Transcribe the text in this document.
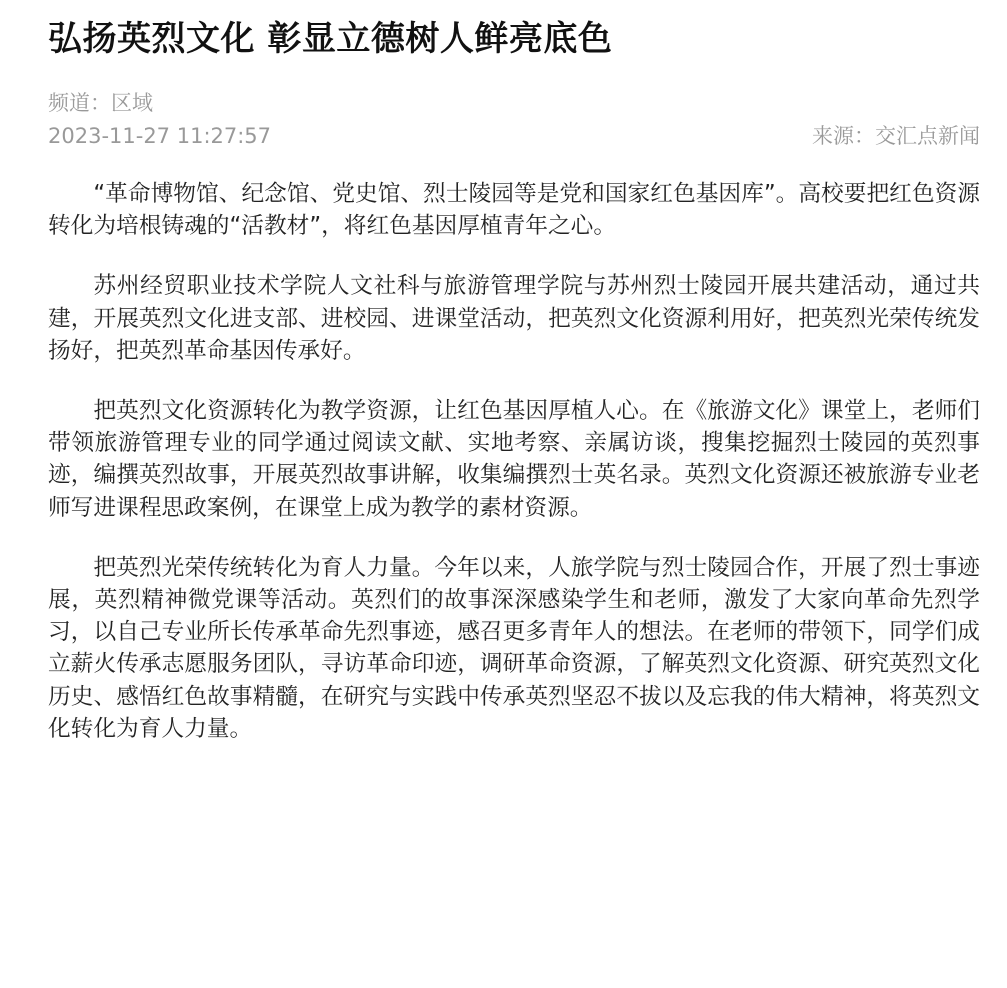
弘扬英烈文化 彰显立德树人鲜亮底色
频道：区域
2023-11-27 11:27:57	来源：交汇点新闻

“革命博物馆、纪念馆、党史馆、烈士陵园等是党和国家红色基因库”。高校要把红色资源转化为培根铸魂的“活教材”，将红色基因厚植青年之心。

苏州经贸职业技术学院人文社科与旅游管理学院与苏州烈士陵园开展共建活动，通过共建，开展英烈文化进支部、进校园、进课堂活动，把英烈文化资源利用好，把英烈光荣传统发扬好，把英烈革命基因传承好。

把英烈文化资源转化为教学资源，让红色基因厚植人心。在《旅游文化》课堂上，老师们带领旅游管理专业的同学通过阅读文献、实地考察、亲属访谈，搜集挖掘烈士陵园的英烈事迹，编撰英烈故事，开展英烈故事讲解，收集编撰烈士英名录。英烈文化资源还被旅游专业老师写进课程思政案例，在课堂上成为教学的素材资源。

把英烈光荣传统转化为育人力量。今年以来，人旅学院与烈士陵园合作，开展了烈士事迹展，英烈精神微党课等活动。英烈们的故事深深感染学生和老师，激发了大家向革命先烈学习，以自己专业所长传承革命先烈事迹，感召更多青年人的想法。在老师的带领下，同学们成立薪火传承志愿服务团队，寻访革命印迹，调研革命资源，了解英烈文化资源、研究英烈文化历史、感悟红色故事精髓，在研究与实践中传承英烈坚忍不拔以及忘我的伟大精神，将英烈文化转化为育人力量。
